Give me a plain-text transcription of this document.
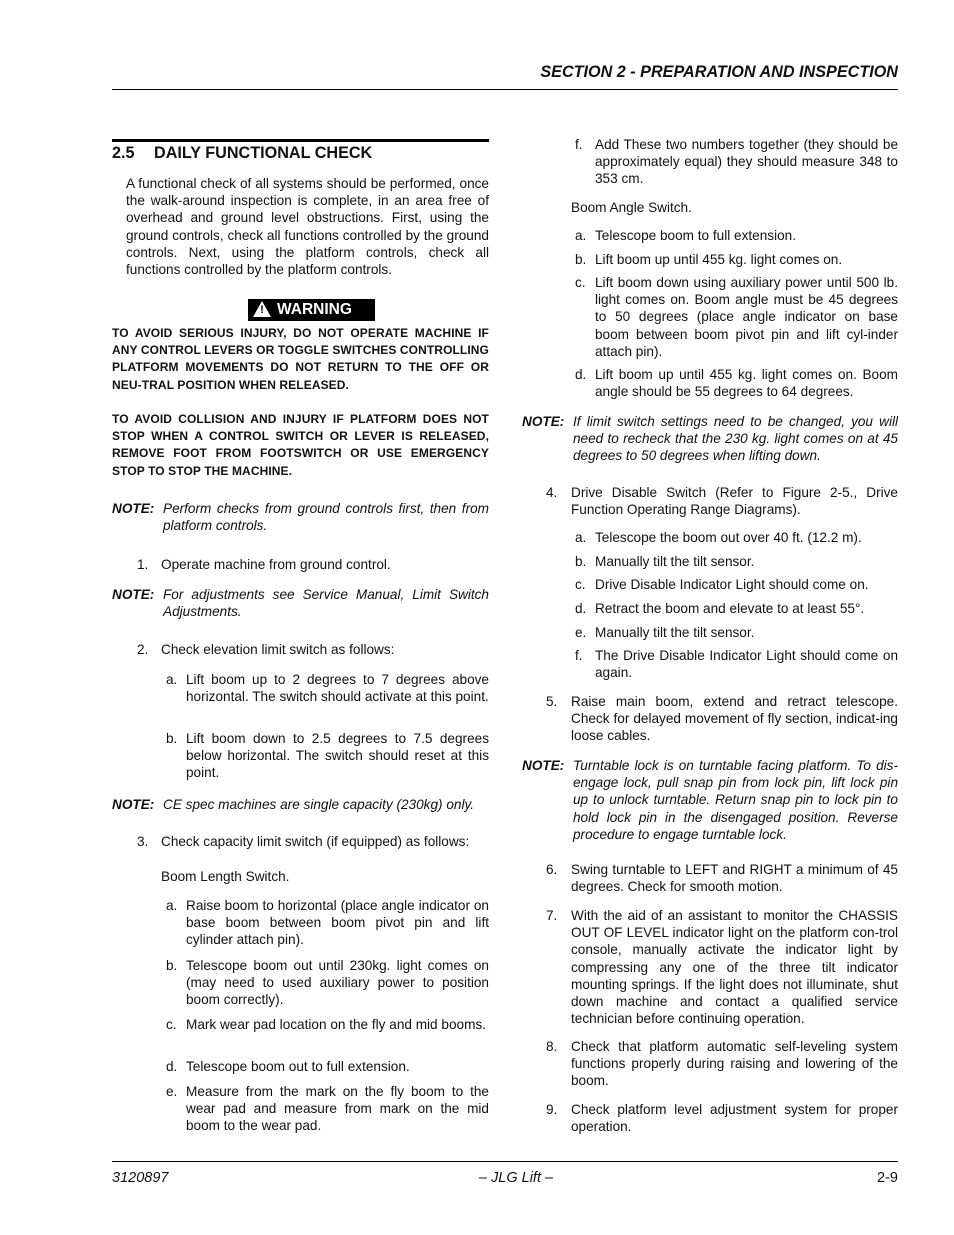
SECTION 2 - PREPARATION AND INSPECTION
2.5 DAILY FUNCTIONAL CHECK
A functional check of all systems should be performed, once the walk-around inspection is complete, in an area free of overhead and ground level obstructions. First, using the ground controls, check all functions controlled by the ground controls. Next, using the platform controls, check all functions controlled by the platform controls.
! WARNING
TO AVOID SERIOUS INJURY, DO NOT OPERATE MACHINE IF ANY CONTROL LEVERS OR TOGGLE SWITCHES CONTROLLING PLATFORM MOVEMENTS DO NOT RETURN TO THE OFF OR NEU-TRAL POSITION WHEN RELEASED.
TO AVOID COLLISION AND INJURY IF PLATFORM DOES NOT STOP WHEN A CONTROL SWITCH OR LEVER IS RELEASED, REMOVE FOOT FROM FOOTSWITCH OR USE EMERGENCY STOP TO STOP THE MACHINE.
NOTE: Perform checks from ground controls first, then from platform controls.
1. Operate machine from ground control.
NOTE: For adjustments see Service Manual, Limit Switch Adjustments.
2. Check elevation limit switch as follows:
a. Lift boom up to 2 degrees to 7 degrees above horizontal. The switch should activate at this point.
b. Lift boom down to 2.5 degrees to 7.5 degrees below horizontal. The switch should reset at this point.
NOTE: CE spec machines are single capacity (230kg) only.
3. Check capacity limit switch (if equipped) as follows:
Boom Length Switch.
a. Raise boom to horizontal (place angle indicator on base boom between boom pivot pin and lift cylinder attach pin).
b. Telescope boom out until 230kg. light comes on (may need to used auxiliary power to position boom correctly).
c. Mark wear pad location on the fly and mid booms.
d. Telescope boom out to full extension.
e. Measure from the mark on the fly boom to the wear pad and measure from mark on the mid boom to the wear pad.
f. Add These two numbers together (they should be approximately equal) they should measure 348 to 353 cm.
Boom Angle Switch.
a. Telescope boom to full extension.
b. Lift boom up until 455 kg. light comes on.
c. Lift boom down using auxiliary power until 500 lb. light comes on. Boom angle must be 45 degrees to 50 degrees (place angle indicator on base boom between boom pivot pin and lift cyl-inder attach pin).
d. Lift boom up until 455 kg. light comes on. Boom angle should be 55 degrees to 64 degrees.
NOTE: If limit switch settings need to be changed, you will need to recheck that the 230 kg. light comes on at 45 degrees to 50 degrees when lifting down.
4. Drive Disable Switch (Refer to Figure 2-5., Drive Function Operating Range Diagrams).
a. Telescope the boom out over 40 ft. (12.2 m).
b. Manually tilt the tilt sensor.
c. Drive Disable Indicator Light should come on.
d. Retract the boom and elevate to at least 55°.
e. Manually tilt the tilt sensor.
f. The Drive Disable Indicator Light should come on again.
5. Raise main boom, extend and retract telescope. Check for delayed movement of fly section, indicat-ing loose cables.
NOTE: Turntable lock is on turntable facing platform. To dis-engage lock, pull snap pin from lock pin, lift lock pin up to unlock turntable. Return snap pin to lock pin to hold lock pin in the disengaged position. Reverse procedure to engage turntable lock.
6. Swing turntable to LEFT and RIGHT a minimum of 45 degrees. Check for smooth motion.
7. With the aid of an assistant to monitor the CHASSIS OUT OF LEVEL indicator light on the platform con-trol console, manually activate the indicator light by compressing any one of the three tilt indicator mounting springs. If the light does not illuminate, shut down machine and contact a qualified service technician before continuing operation.
8. Check that platform automatic self-leveling system functions properly during raising and lowering of the boom.
9. Check platform level adjustment system for proper operation.
3120897	– JLG Lift –	2-9
